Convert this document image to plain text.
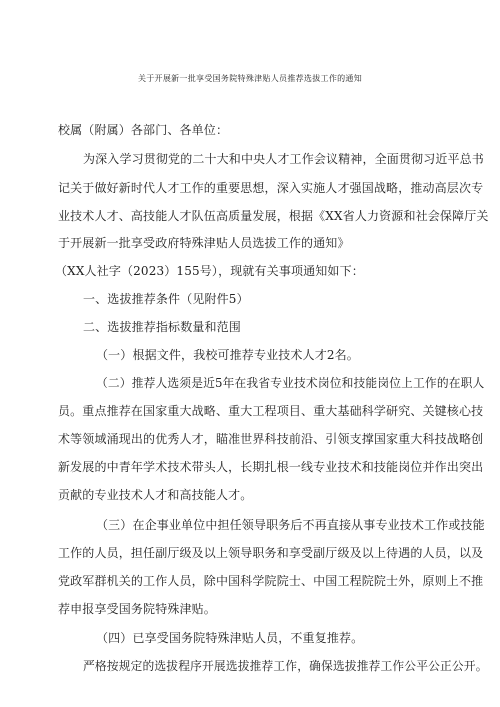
关于开展新一批享受国务院特殊津贴人员推荐选拔工作的通知
校属（附属）各部门、各单位：
为深入学习贯彻党的二十大和中央人才工作会议精神，全面贯彻习近平总书
记关于做好新时代人才工作的重要思想，深入实施人才强国战略，推动高层次专
业技术人才、高技能人才队伍高质量发展，根据《XX省人力资源和社会保障厅关
于开展新一批享受政府特殊津贴人员选拔工作的通知》
（XX人社字（2023）155号），现就有关事项通知如下：
一、选拔推荐条件（见附件5）
二、选拔推荐指标数量和范围
（一）根据文件，我校可推荐专业技术人才2名。
（二）推荐人选须是近5年在我省专业技术岗位和技能岗位上工作的在职人
员。重点推荐在国家重大战略、重大工程项目、重大基础科学研究、关键核心技
术等领域涌现出的优秀人才，瞄准世界科技前沿、引领支撑国家重大科技战略创
新发展的中青年学术技术带头人，长期扎根一线专业技术和技能岗位并作出突出
贡献的专业技术人才和高技能人才。
（三）在企事业单位中担任领导职务后不再直接从事专业技术工作或技能
工作的人员，担任副厅级及以上领导职务和享受副厅级及以上待遇的人员，以及
党政军群机关的工作人员，除中国科学院院士、中国工程院院士外，原则上不推
荐申报享受国务院特殊津贴。
（四）已享受国务院特殊津贴人员，不重复推荐。
严格按规定的选拔程序开展选拔推荐工作，确保选拔推荐工作公平公正公开。
